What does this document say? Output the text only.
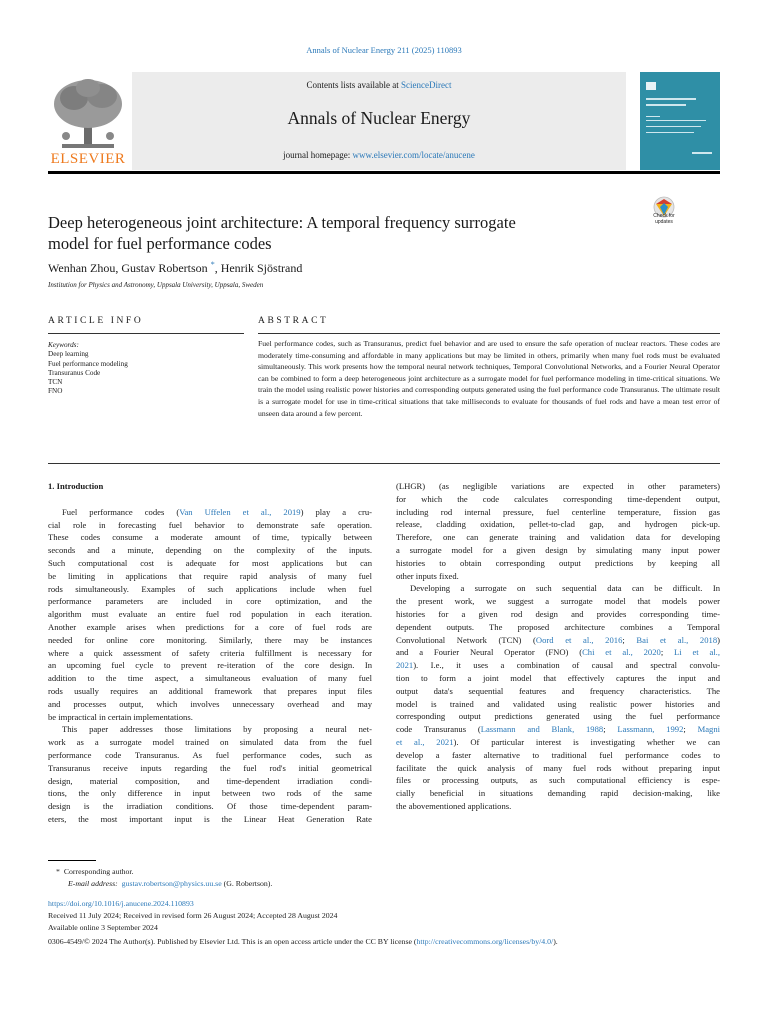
Annals of Nuclear Energy 211 (2025) 110893
ELSEVIER
Contents lists available at ScienceDirect
Annals of Nuclear Energy
journal homepage: www.elsevier.com/locate/anucene
Check for
updates
Deep heterogeneous joint architecture: A temporal frequency surrogate
model for fuel performance codes
Wenhan Zhou, Gustav Robertson *, Henrik Sjöstrand
Institution for Physics and Astronomy, Uppsala University, Uppsala, Sweden
ARTICLE INFO	ABSTRACT
Keywords:
Deep learning
Fuel performance modeling
Transuranus Code
TCN
FNO
Fuel performance codes, such as Transuranus, predict fuel behavior and are used to ensure the safe operation of nuclear reactors. These codes are moderately time-consuming and affordable in many applications but may be limited in others, primarily when many fuel rods must be evaluated simultaneously. This work presents how the temporal neural network techniques, Temporal Convolutional Networks, and a Fourier Neural Operator can be combined to form a deep heterogeneous joint architecture as a surrogate model for fuel performance modeling in time-critical situations. We train the model using realistic power histories and corresponding outputs generated using the fuel performance code Transuranus. The ultimate result is a surrogate model for use in time-critical situations that take milliseconds to evaluate for thousands of fuel rods and have a mean test error of unseen data around a few percent.
1. Introduction
Fuel performance codes (Van Uffelen et al., 2019) play a cru-
cial role in forecasting fuel behavior to demonstrate safe operation.
These codes consume a moderate amount of time, typically between
seconds and a minute, depending on the complexity of the inputs.
Such computational cost is adequate for most applications but can
be limiting in applications that require rapid analysis of many fuel
rods simultaneously. Examples of such applications include when fuel
performance parameters are included in core optimization, and the
algorithm must evaluate an entire fuel rod population in each iteration.
Another example arises when predictions for a core of fuel rods are
needed for online core monitoring. Similarly, there may be instances
where a quick assessment of safety criteria fulfillment is necessary for
an upcoming fuel cycle to prevent re-iteration of the core design. In
addition to the time aspect, a simultaneous evaluation of many fuel
rods usually requires an additional framework that prepares input files
and processes output, which involves unnecessary overhead and may
be impractical in certain implementations.
This paper addresses those limitations by proposing a neural net-
work as a surrogate model trained on simulated data from the fuel
performance code Transuranus. As fuel performance codes, such as
Transuranus receive inputs regarding the fuel rod's initial geometrical
design, material composition, and time-dependent irradiation condi-
tions, the only difference in input between two rods of the same
design is the irradiation conditions. Of those time-dependent param-
eters, the most important input is the Linear Heat Generation Rate
(LHGR) (as negligible variations are expected in other parameters)
for which the code calculates corresponding time-dependent output,
including rod internal pressure, fuel centerline temperature, fission gas
release, cladding oxidation, pellet-to-clad gap, and hydrogen pick-up.
Therefore, one can generate training and validation data for developing
a surrogate model for a given design by simulating many input power
histories to obtain corresponding output predictions by keeping all
other inputs fixed.
Developing a surrogate on such sequential data can be difficult. In
the present work, we suggest a surrogate model that models power
histories for a given rod design and provides corresponding time-
dependent outputs. The proposed architecture combines a Temporal
Convolutional Network (TCN) (Oord et al., 2016; Bai et al., 2018)
and a Fourier Neural Operator (FNO) (Chi et al., 2020; Li et al.,
2021). I.e., it uses a combination of causal and spectral convolu-
tion to form a joint model that effectively captures the input and
output data's sequential features and frequency characteristics. The
model is trained and validated using realistic power histories and
corresponding output predictions generated using the fuel performance
code Transuranus (Lassmann and Blank, 1988; Lassmann, 1992; Magni
et al., 2021). Of particular interest is investigating whether we can
develop a faster alternative to traditional fuel performance codes to
facilitate the quick analysis of many fuel rods without preparing input
files or processing outputs, as such computational efficiency is espe-
cially beneficial in situations demanding rapid decision-making, like
the abovementioned applications.
* Corresponding author.
E-mail address: gustav.robertson@physics.uu.se (G. Robertson).
https://doi.org/10.1016/j.anucene.2024.110893
Received 11 July 2024; Received in revised form 26 August 2024; Accepted 28 August 2024
Available online 3 September 2024
0306-4549/© 2024 The Author(s). Published by Elsevier Ltd. This is an open access article under the CC BY license (http://creativecommons.org/licenses/by/4.0/).
